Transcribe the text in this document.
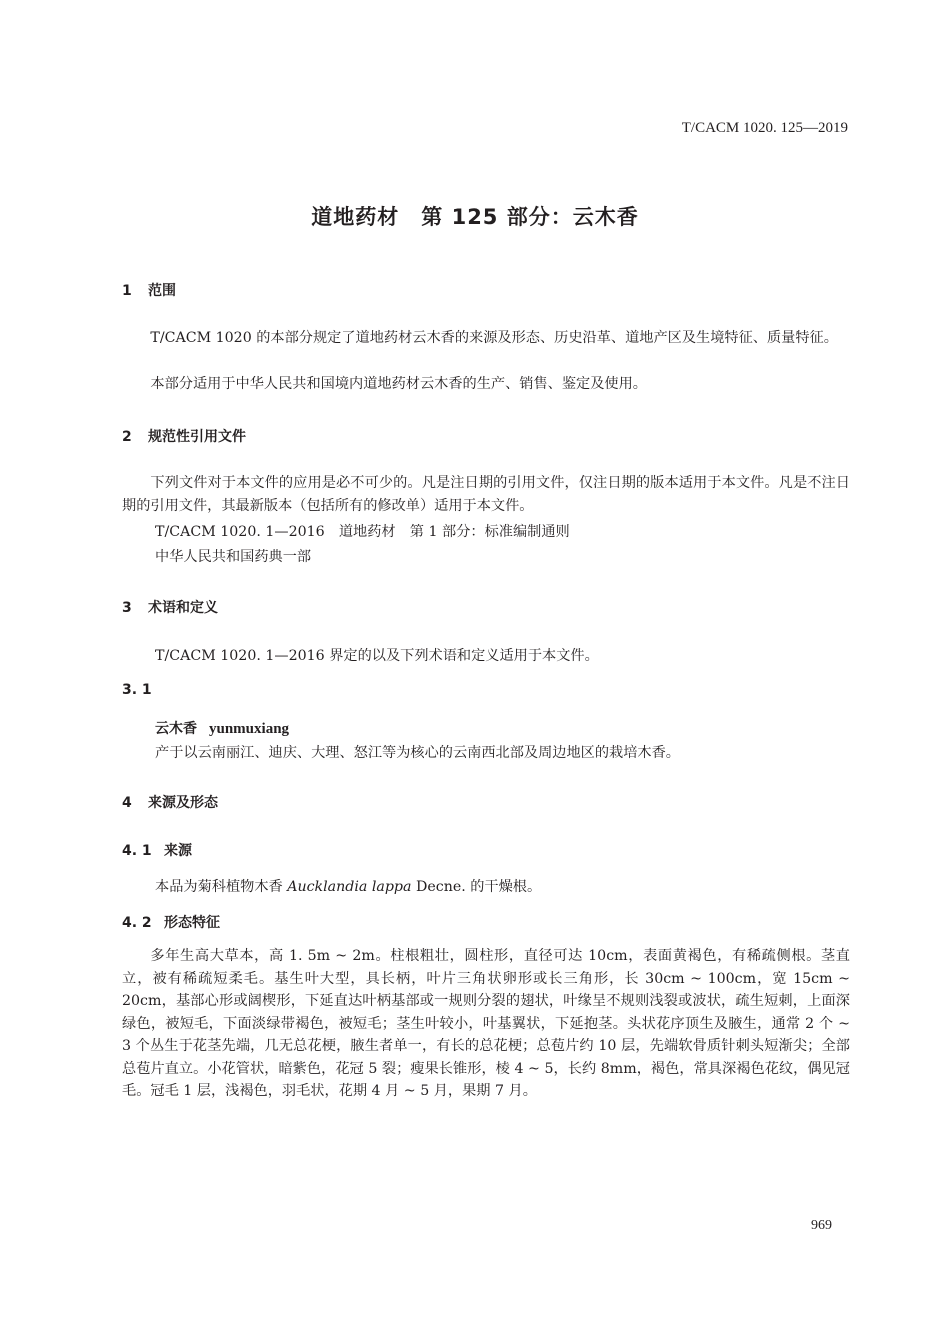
T/CACM 1020. 125—2019
道地药材　第 125 部分：云木香
1 范围
T/CACM 1020 的本部分规定了道地药材云木香的来源及形态、历史沿革、道地产区及生境特征、质量特征。
本部分适用于中华人民共和国境内道地药材云木香的生产、销售、鉴定及使用。
2 规范性引用文件
下列文件对于本文件的应用是必不可少的。凡是注日期的引用文件，仅注日期的版本适用于本文件。凡是不注日期的引用文件，其最新版本（包括所有的修改单）适用于本文件。
T/CACM 1020. 1—2016　道地药材　第 1 部分：标准编制通则
中华人民共和国药典一部
3 术语和定义
T/CACM 1020. 1—2016 界定的以及下列术语和定义适用于本文件。
3. 1
云木香 yunmuxiang
产于以云南丽江、迪庆、大理、怒江等为核心的云南西北部及周边地区的栽培木香。
4 来源及形态
4. 1 来源
本品为菊科植物木香 Aucklandia lappa Decne. 的干燥根。
4. 2 形态特征
多年生高大草本，高 1. 5m ~ 2m。柱根粗壮，圆柱形，直径可达 10cm，表面黄褐色，有稀疏侧根。茎直立，被有稀疏短柔毛。基生叶大型，具长柄，叶片三角状卵形或长三角形，长 30cm ~ 100cm，宽 15cm ~ 20cm，基部心形或阔楔形，下延直达叶柄基部或一规则分裂的翅状，叶缘呈不规则浅裂或波状，疏生短刺，上面深绿色，被短毛，下面淡绿带褐色，被短毛；茎生叶较小，叶基翼状，下延抱茎。头状花序顶生及腋生，通常 2 个 ~ 3 个丛生于花茎先端，几无总花梗，腋生者单一，有长的总花梗；总苞片约 10 层，先端软骨质针刺头短渐尖；全部总苞片直立。小花管状，暗紫色，花冠 5 裂；瘦果长锥形，棱 4 ~ 5，长约 8mm，褐色，常具深褐色花纹，偶见冠毛。冠毛 1 层，浅褐色，羽毛状，花期 4 月 ~ 5 月，果期 7 月。
969
